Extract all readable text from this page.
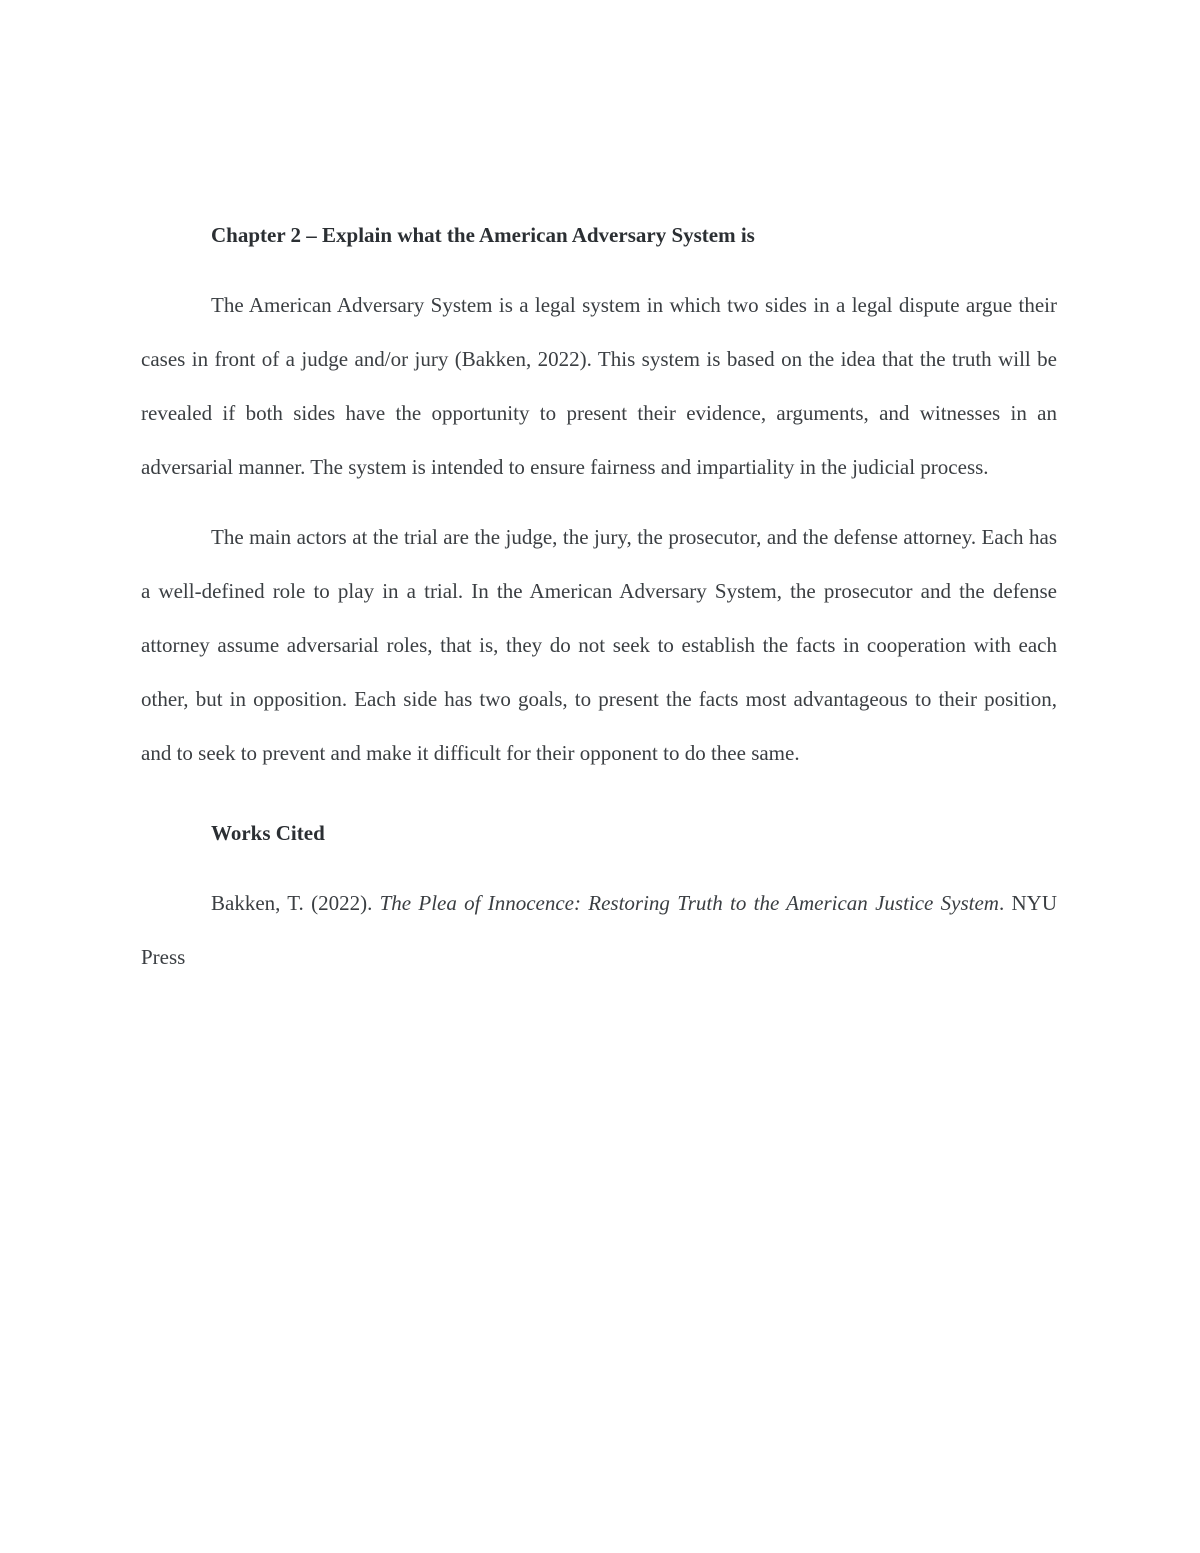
Chapter 2 – Explain what the American Adversary System is

The American Adversary System is a legal system in which two sides in a legal dispute argue their cases in front of a judge and/or jury (Bakken, 2022). This system is based on the idea that the truth will be revealed if both sides have the opportunity to present their evidence, arguments, and witnesses in an adversarial manner. The system is intended to ensure fairness and impartiality in the judicial process.

The main actors at the trial are the judge, the jury, the prosecutor, and the defense attorney. Each has a well-defined role to play in a trial. In the American Adversary System, the prosecutor and the defense attorney assume adversarial roles, that is, they do not seek to establish the facts in cooperation with each other, but in opposition. Each side has two goals, to present the facts most advantageous to their position, and to seek to prevent and make it difficult for their opponent to do thee same.

Works Cited

Bakken, T. (2022). The Plea of Innocence: Restoring Truth to the American Justice System. NYU Press
